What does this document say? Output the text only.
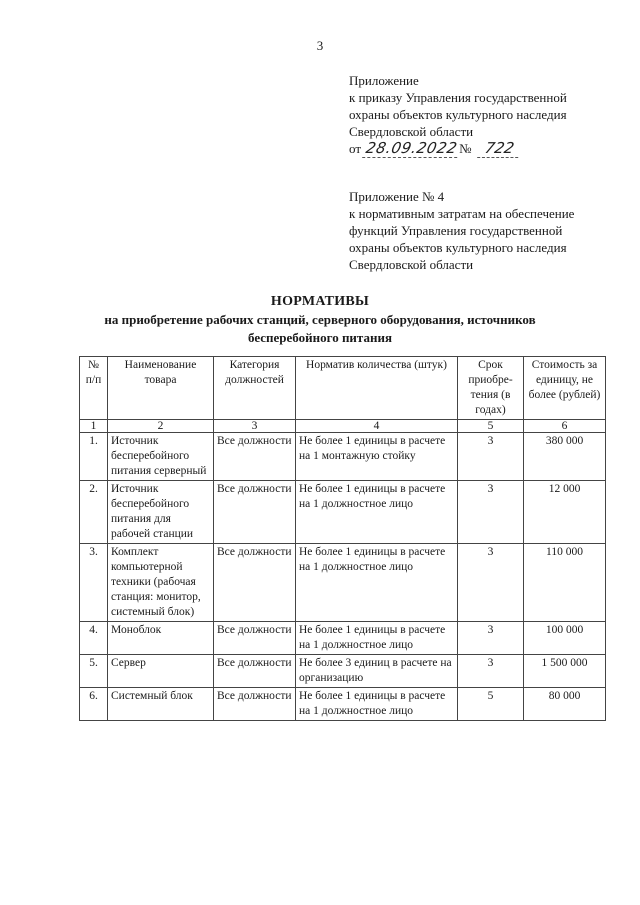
3
Приложение
к приказу Управления государственной
охраны объектов культурного наследия
Свердловской области
от 28.09.2022№ 722
Приложение № 4
к нормативным затратам на обеспечение
функций Управления государственной
охраны объектов культурного наследия
Свердловской области
НОРМАТИВЫ
на приобретение рабочих станций, серверного оборудования, источников
бесперебойного питания
№ п/п	Наименование товара	Категория должностей	Норматив количества (штук)	Срок приобре- тения (в годах)	Стоимость за единицу, не более (рублей)
1	2	3	4	5	6
1.	Источник бесперебойного питания серверный	Все должности	Не более 1 единицы в расчете на 1 монтажную стойку	3	380 000
2.	Источник бесперебойного питания для рабочей станции	Все должности	Не более 1 единицы в расчете на 1 должностное лицо	3	12 000
3.	Комплект компьютерной техники (рабочая станция: монитор, системный блок)	Все должности	Не более 1 единицы в расчете на 1 должностное лицо	3	110 000
4.	Моноблок	Все должности	Не более 1 единицы в расчете на 1 должностное лицо	3	100 000
5.	Сервер	Все должности	Не более 3 единиц в расчете на организацию	3	1 500 000
6.	Системный блок	Все должности	Не более 1 единицы в расчете на 1 должностное лицо	5	80 000
